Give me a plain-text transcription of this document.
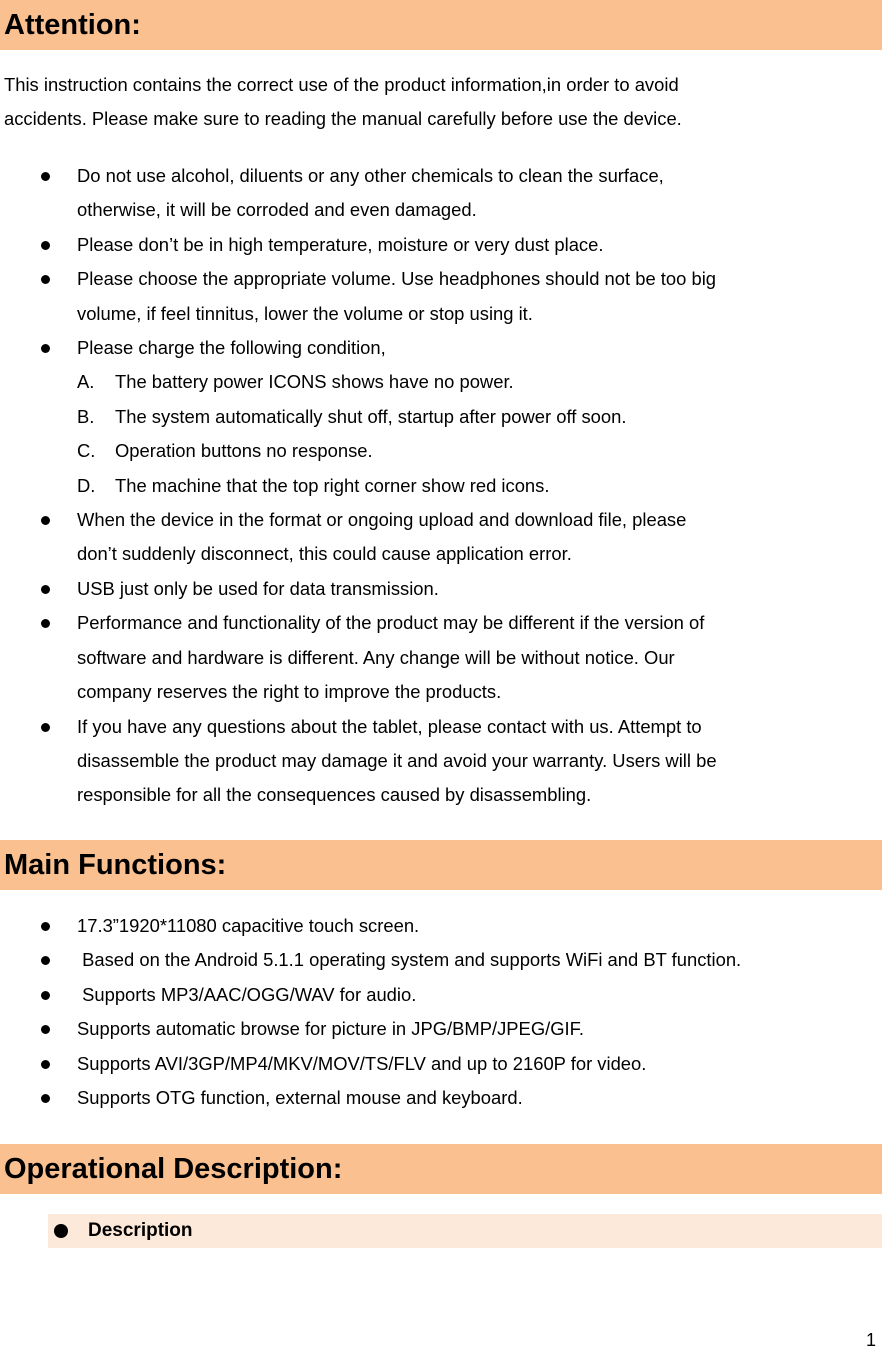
Attention:
This instruction contains the correct use of the product information,in order to avoid
accidents. Please make sure to reading the manual carefully before use the device.
Do not use alcohol, diluents or any other chemicals to clean the surface,
otherwise, it will be corroded and even damaged.
Please don’t be in high temperature, moisture or very dust place.
Please choose the appropriate volume. Use headphones should not be too big
volume, if feel tinnitus, lower the volume or stop using it.
Please charge the following condition,
A. The battery power ICONS shows have no power.
B. The system automatically shut off, startup after power off soon.
C. Operation buttons no response.
D. The machine that the top right corner show red icons.
When the device in the format or ongoing upload and download file, please
don’t suddenly disconnect, this could cause application error.
USB just only be used for data transmission.
Performance and functionality of the product may be different if the version of
software and hardware is different. Any change will be without notice. Our
company reserves the right to improve the products.
If you have any questions about the tablet, please contact with us. Attempt to
disassemble the product may damage it and avoid your warranty. Users will be
responsible for all the consequences caused by disassembling.
Main Functions:
17.3”1920*11080 capacitive touch screen.
Based on the Android 5.1.1 operating system and supports WiFi and BT function.
Supports MP3/AAC/OGG/WAV for audio.
Supports automatic browse for picture in JPG/BMP/JPEG/GIF.
Supports AVI/3GP/MP4/MKV/MOV/TS/FLV and up to 2160P for video.
Supports OTG function, external mouse and keyboard.
Operational Description:
Description
1
